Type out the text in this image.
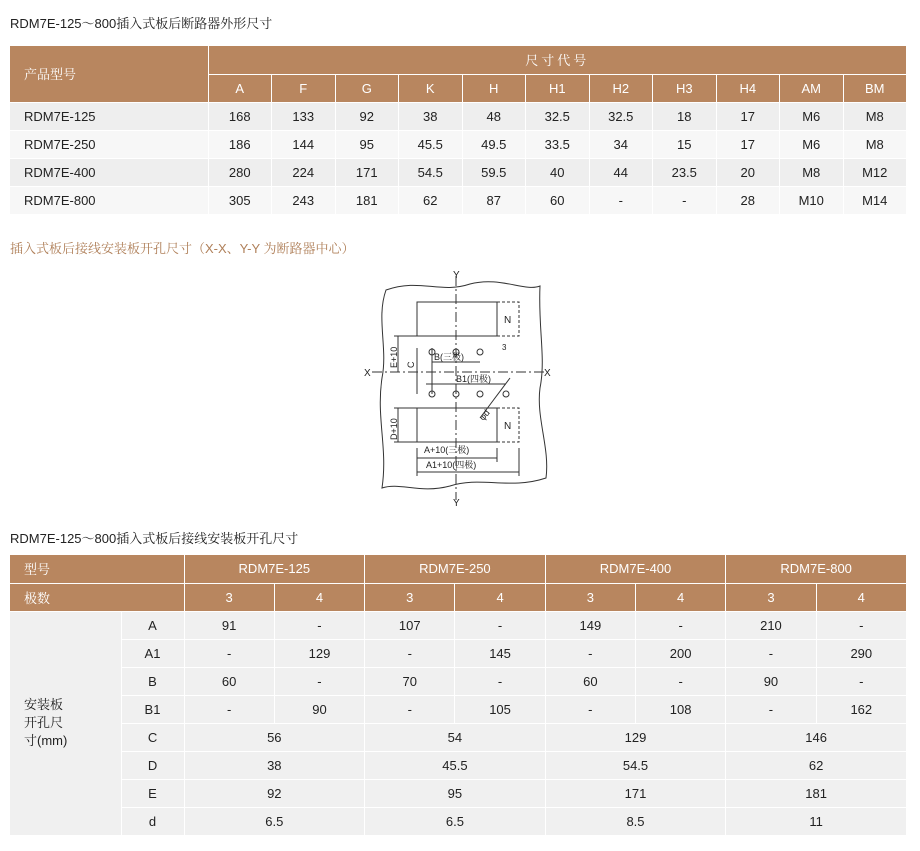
RDM7E-125～800插入式板后断路器外形尺寸
产品型号	尺寸代号										
	A	F	G	K	H	H1	H2	H3	H4	AM	BM
RDM7E-125	168	133	92	38	48	32.5	32.5	18	17	M6	M8
RDM7E-250	186	144	95	45.5	49.5	33.5	34	15	17	M6	M8
RDM7E-400	280	224	171	54.5	59.5	40	44	23.5	20	M8	M12
RDM7E-800	305	243	181	62	87	60	-	-	28	M10	M14
插入式板后接线安装板开孔尺寸（X-X、Y-Y 为断路器中心）
Y
Y
X	X
N
N
B(三极)
3
B1(四极)
A+10(三极)
A1+10(四极)
φd
E+10 C
D+10
RDM7E-125～800插入式板后接线安装板开孔尺寸
型号		RDM7E-125		RDM7E-250		RDM7E-400		RDM7E-800	
极数		3	4	3	4	3	4	3	4

安装板
开孔尺
寸(mm)	A	91	-	107	-	149	-	210	-
	A1	-	129	-	145	-	200	-	290
	B	60	-	70	-	60	-	90	-
	B1	-	90	-	105	-	108	-	162
	C	56		54		129		146	
	D	38		45.5		54.5		62	
	E	92		95		171		181	
	d	6.5		6.5		8.5		11	
